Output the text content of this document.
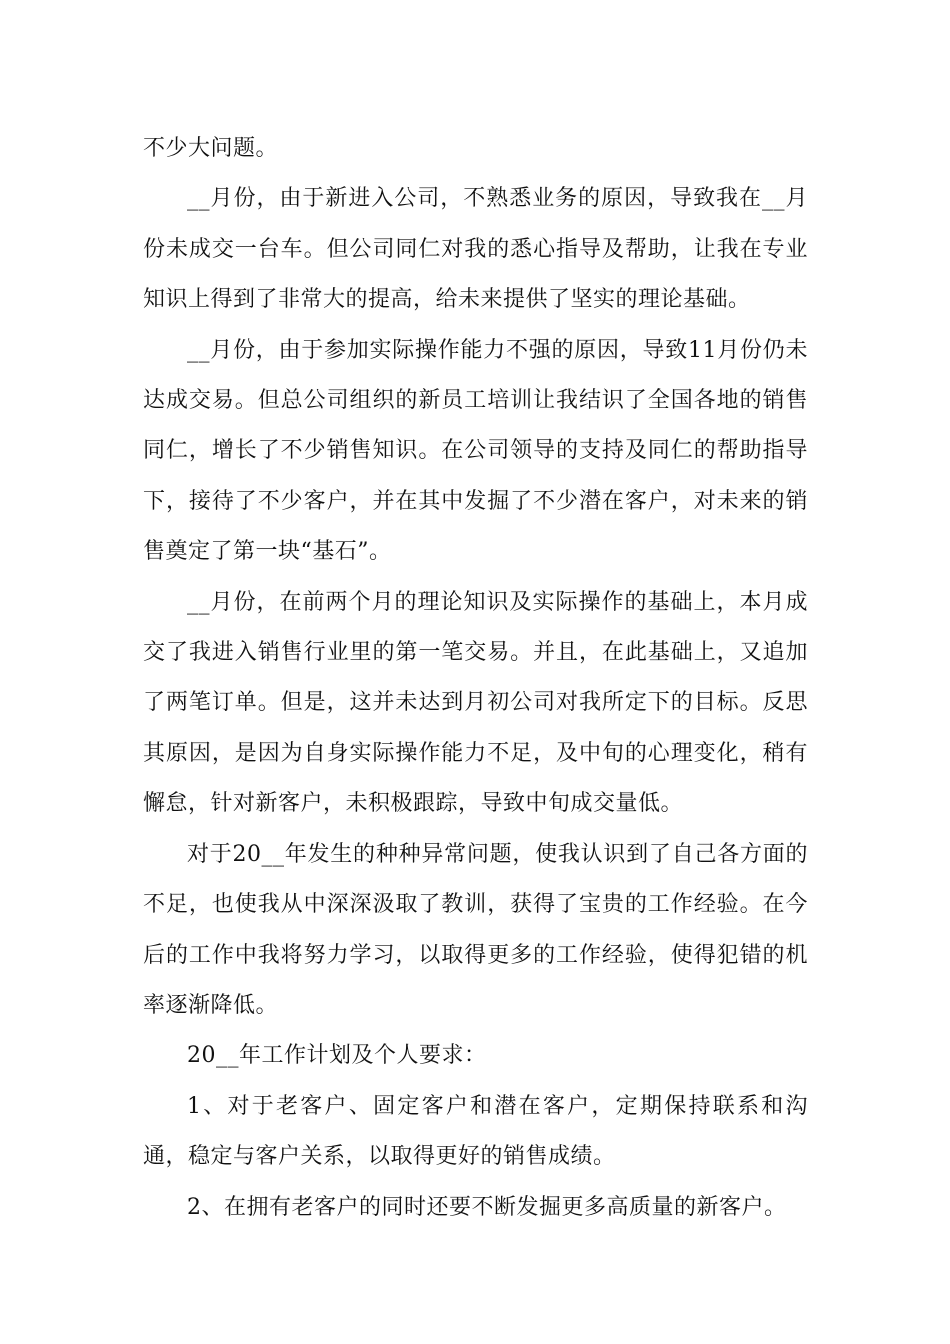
不少大问题。

__月份，由于新进入公司，不熟悉业务的原因，导致我在__月份未成交一台车。但公司同仁对我的悉心指导及帮助，让我在专业知识上得到了非常大的提高，给未来提供了坚实的理论基础。

__月份，由于参加实际操作能力不强的原因，导致11月份仍未达成交易。但总公司组织的新员工培训让我结识了全国各地的销售同仁，增长了不少销售知识。在公司领导的支持及同仁的帮助指导下，接待了不少客户，并在其中发掘了不少潜在客户，对未来的销售奠定了第一块“基石”。

__月份，在前两个月的理论知识及实际操作的基础上，本月成交了我进入销售行业里的第一笔交易。并且，在此基础上，又追加了两笔订单。但是，这并未达到月初公司对我所定下的目标。反思其原因，是因为自身实际操作能力不足，及中旬的心理变化，稍有懈怠，针对新客户，未积极跟踪，导致中旬成交量低。

对于20__年发生的种种异常问题，使我认识到了自己各方面的不足，也使我从中深深汲取了教训，获得了宝贵的工作经验。在今后的工作中我将努力学习，以取得更多的工作经验，使得犯错的机率逐渐降低。

20__年工作计划及个人要求：

1、对于老客户、固定客户和潜在客户，定期保持联系和沟通，稳定与客户关系，以取得更好的销售成绩。

2、在拥有老客户的同时还要不断发掘更多高质量的新客户。
